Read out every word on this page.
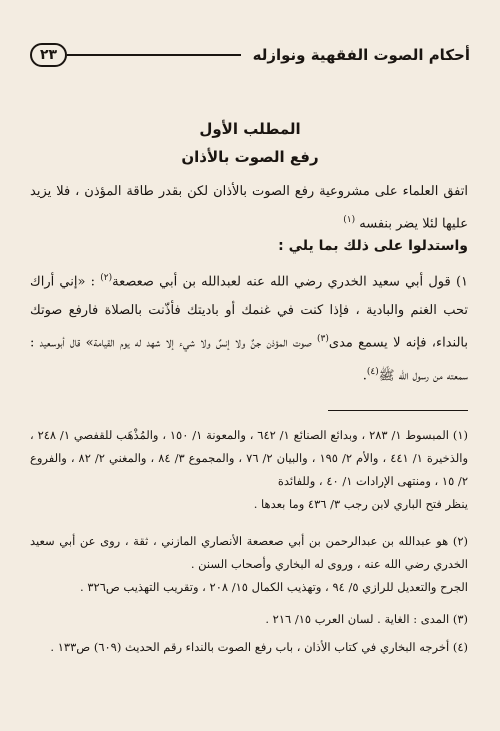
أحكام الصوت الفقهية ونوازله
٢٣
المطلب الأول
رفع الصوت بالأذان

اتفق العلماء على مشروعية رفع الصوت بالأذان لكن بقدر طاقة المؤذن ، فلا يزيد عليها لئلا يضر بنفسه $^{(١)}$

واستدلوا على ذلك بما يلي :

١) قول أبي سعيد الخدري رضي الله عنه لعبدالله بن أبي صعصعة$^{(٢)}$ : «إني أراك تحب الغنم والبادية ، فإذا كنت في غنمك أو باديتك فأذّنت بالصلاة فارفع صوتك بالنداء، فإنه لا يسمع مدى$^{(٣)}$ صوت المؤذن جنٌ ولا إنسٌ ولا شيء إلا شهد له يوم القيامة» قال أبوسعيد : سمعته من رسول الله ﷺ$^{(٤)}$.

(١) المبسوط ١/ ٢٨٣ ، وبدائع الصنائع ١/ ٦٤٢ ، والمعونة ١/ ١٥٠ ، والمُذْهَب للقفصي ١/ ٢٤٨ ، والذخيرة ١/ ٤٤١ ، والأم ٢/ ١٩٥ ، والبيان ٢/ ٧٦ ، والمجموع ٣/ ٨٤ ، والمغني ٢/ ٨٢ ، والفروع ٢/ ١٥ ، ومنتهى الإرادات ١/ ٤٠ ، وللفائدة
ينظر فتح الباري لابن رجب ٣/ ٤٣٦ وما بعدها .
(٢) هو عبدالله بن عبدالرحمن بن أبي صعصعة الأنصاري المازني ، ثقة ، روى عن أبي سعيد الخدري رضي الله عنه ، وروى له البخاري وأصحاب السنن .
الجرح والتعديل للرازي ٥/ ٩٤ ، وتهذيب الكمال ١٥/ ٢٠٨ ، وتقريب التهذيب ص٣٢٦ .
(٣) المدى : الغاية . لسان العرب ١٥/ ٢١٦ .
(٤) أخرجه البخاري في كتاب الأذان ، باب رفع الصوت بالنداء رقم الحديث (٦٠٩) ص١٣٣ .
